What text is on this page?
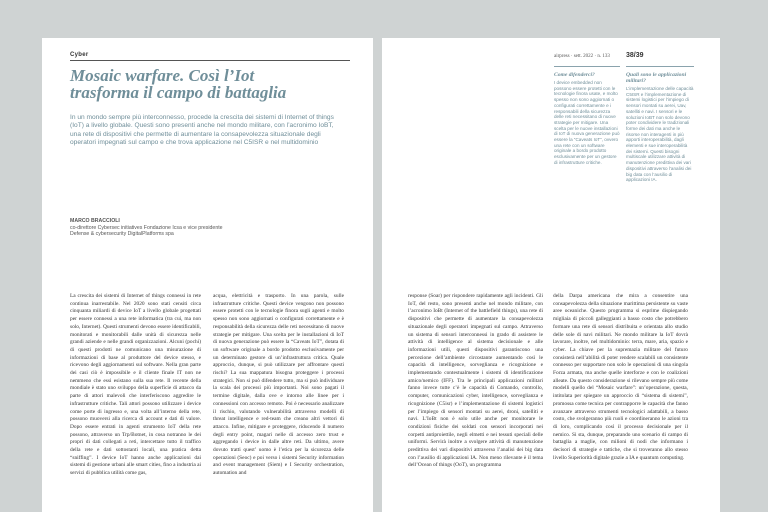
Cyber
Mosaic warfare. Così l’Iot
trasforma il campo di battaglia

In un mondo sempre più interconnesso, procede la crescita dei sistemi di Internet of things (IoT) a livello globale. Questi sono presenti anche nel mondo militare, con l’acronimo IoBT, una rete di dispositivi che permette di aumentare la consapevolezza situazionale degli operatori impegnati sul campo e che trova applicazione nel C5ISR e nel multidominio

MARCO BRACCIOLI
co-direttore Cybersec initiatives Fondazione Icsa e vice presidente
Defense & cybersecurity DigitalPlatforms spa

La crescita dei sistemi di Internet of things connessi in rete continua inarrestabile. Nel 2020 sono stati censiti circa cinquanta miliardi di device IoT a livello globale progettati per essere connessi a una rete informatica (tra cui, ma non solo, Internet). Questi strumenti devono essere identificabili, monitorati e monitorabili dalle unità di sicurezza nelle grandi aziende e nelle grandi organizzazioni. Alcuni (pochi) di questi prodotti ne comunicano una misurazione di informazioni di base al produttore del device stesso, e ricevono degli aggiornamenti sul software. Nella gran parte dei casi ciò è impossibile e il cliente finale IT non ne nemmeno che essi esistano sulla sua rete. Il recente della mondiale è stato uno sviluppo della superficie di attacco da parte di attori malevoli che interferiscono aggredire le infrastrutture critiche. Tali attori possono utilizzare i device come porte di ingresso e, una volta all’interno della rete, possono muoversi alla ricerca di account e dati di valore. Dopo essere entrati in agenti strumento IoT della rete possono, attraverso un Trp/Botnet, in cosa notranno le dei propri di dati collegati a reti, intercettare tutto il traffico della rete e dati sottostanti locali, una pratica detta “sniffing”. I device IoT hanno anche applicazioni dai sistemi di gestione urbani alle smart cities, fino a industria ai servizi di pubblica utilità come gas,

acqua, elettricità e trasporto. In una parola, sulle infrastrutture critiche. Questi device vengono non possono essere protetti con le tecnologie finora sugli agenti e molto spesso non sono aggiornati o configurati correttamente e è responsabilità della sicurezza delle reti necessitano di nuove strategie per mitigare. Una scelta per le installazioni di IoT di nuova generazione può essere la “Caveats IoT”, dotata di un software originale a bordo prodotto esclusivamente per un determinato gestore di un’infrastruttura critica. Quale approccio, dunque, si può utilizzare per affrontare questi rischi? La sua mappatura bisogna proteggere i processi strategici. Non si può difendere tutto, ma si può individuare la scala dei processi più importanti. Noi sono pagati il termine digitale, dalla ove e intorno alle linee per i connessioni con accesso remoto. Poi è necessario analizzare il rischio, valutando vulnerabilità attraverso modelli di threat intelligence e red-team che creano altri vettori di attacco. Infine, mitigare e proteggere, riducendo il numero degli entry point, magari nelle di accesso zero trust e aggregando i device in dalle altre reti. Da ultimo, avere dovuto tratti quest’ uomo è l’etica per la sicurezza delle operazioni (Seoc) e poi verso i sistemi Security information and event management (Siem) e I Security orchestration, automation and

airpress · sett. 2022 · n. 133 38/39
Come difenderci?

I device embedded non possono essere protetti con le tecnologie finora usate, e molto spesso non sono aggiornati o configurati correttamente e i responsabili della sicurezza delle reti necessitano di nuove strategie per mitigare. Una scelta per le nuove installazioni di IoT di nuova generazione può essere la “Caveats IoT”, ovvero una rete con un software originale a bordo prodotto esclusivamente per un gestore di infrastrutture critiche.

Quali sono le applicazioni militari?

L’implementazione delle capacità C5ISR e l’implementazione di sistemi logistici per l’impiego di sensori montati su aerei, Uav, satelliti e navi. I sensori e le soluzioni IoBT non solo devono poter condividere le tradizionali forme dei dati ma anche le risorse non interagenti in più apporti interoperabilità, dagli elementi e sue interoperabilità dei sistemi. Questi bisogni multiscale utilizzare attività di manutenzione predittiva dei vari dispositivi attraverso l’analisi dei big data con l’ausilio di applicazioni IA.

response (Soar) per rispondere rapidamente agli incidenti. Gli IoT, del resto, sono presenti anche nel mondo militare, con l’acronimo IoBt (Internet of the battlefield things), una rete di dispositivi che permette di aumentare la consapevolezza situazionale degli operatori impegnati sul campo. Attraverso un sistema di sensori interconnessi in grado di assistere le attività di intelligence al sistema decisionale e alle informazioni utili, questi dispositivi garantiscono una percezione dell’ambiente circostante aumentando così le capacità di intelligence, sorveglianza e ricognizione e implementando contestualmente i sistemi di identificazione amico/nemico (IFF). Tra le principali applicazioni militari fanno invece tutte c’è le capacità di Comando, controllo, computer, comunicazioni cyber, intelligence, sorveglianza e ricognizione (C5isr) e l’implementazione di sistemi logistici per l’impiego di sensori montati su aerei, droni, satelliti e navi. L’IoBt non è solo utile anche per monitorare le condizioni fisiche dei soldati con sensori incorporati nei corpetti antiproiettile, negli elmetti e nei tessuti speciali delle uniformi. Servirà inoltre a svolgere attività di manutenzione predittiva dei vari dispositivi attraverso l’analisi dei big data con l’ausilio di applicazioni IA. Non meno rilevante è il tema dell’Ocean of things (OoT), un programma

della Darpa americana che mira a consentire una consapevolezza della situazione marittima persistente su vaste aree oceaniche. Questo programma si esprime dispiegando migliaia di piccoli galleggianti a basso costo che potrebbero formare una rete di sensori distribuita e orientata allo studio delle sole di navi militari. Ne mondo militare la IoT dovrà lavorare, inoltre, nel multidominio: terra, mare, aria, spazio e cyber. La chiave per la supremazia militare del futuro consisterà nell’abilità di poter rendere scalabili un consistente connesso per supportare non solo le operazioni di una singola Forza armata, ma anche quelle interforze e con le coalizioni alleate. Da questo considerazione si rilevano sempre più come modelli quello del “Mosaic warfare”: un’operazione, questa, intitolata per spiegare un approccio di “sistema di sistemi”, promossa come tecnica per contrapporre le capacità che fanno avanzare attraverso strumenti tecnologici adattabili, a basso costo, che svolgeranno più ruoli e coordineranno le azioni tra di loro, complicando così il processo decisionale per il nemico. Si sta, dunque, preparando uno scenario di campo di battaglia a maglie, con milioni di nodi che informano i decisori di strategie e tattiche, che si troveranno allo stesso livello Superiorità digitale grazie a IA e quantum computing.
